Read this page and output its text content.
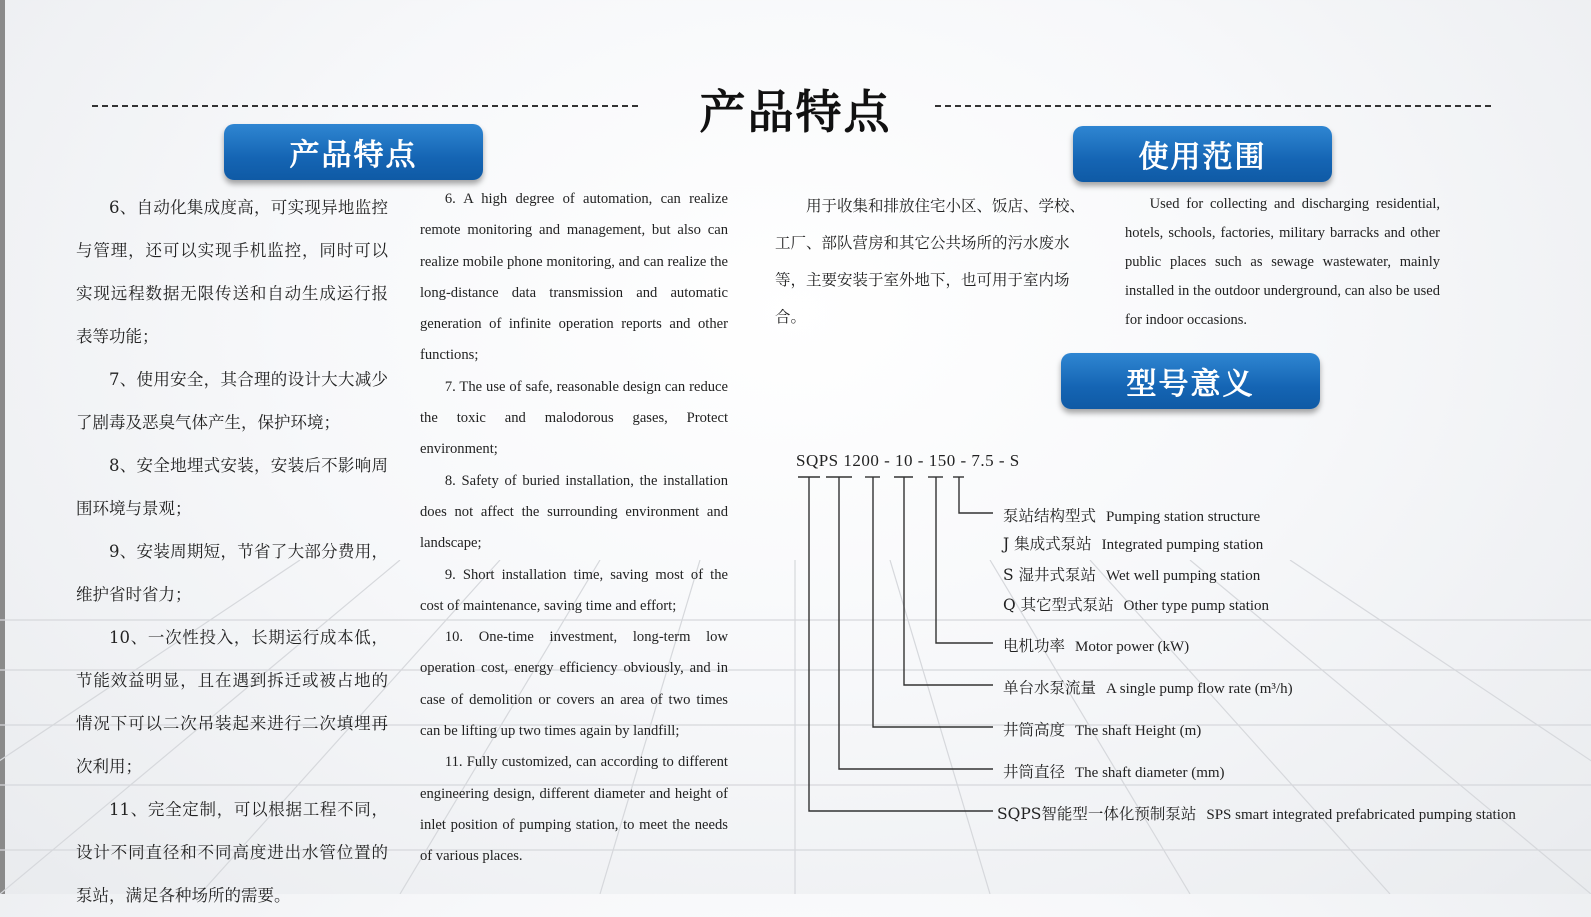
产品特点
产品特点	使用范围
型号意义

6、自动化集成度高，可实现异地监控与管理，还可以实现手机监控，同时可以实现远程数据无限传送和自动生成运行报表等功能；

7、使用安全，其合理的设计大大减少了剧毒及恶臭气体产生，保护环境；

8、安全地埋式安装，安装后不影响周围环境与景观；

9、安装周期短，节省了大部分费用，维护省时省力；

10、一次性投入，长期运行成本低，节能效益明显，且在遇到拆迁或被占地的情况下可以二次吊装起来进行二次填埋再次利用；

11、完全定制，可以根据工程不同，设计不同直径和不同高度进出水管位置的泵站，满足各种场所的需要。

6. A high degree of automation, can realize remote monitoring and management, but also can realize mobile phone monitoring, and can realize the long-distance data transmission and automatic generation of infinite operation reports and other functions;

7. The use of safe, reasonable design can reduce the toxic and malodorous gases, Protect environment;

8. Safety of buried installation, the installation does not affect the surrounding environment and landscape;

9. Short installation time, saving most of the cost of maintenance, saving time and effort;

10. One-time investment, long-term low operation cost, energy efficiency obviously, and in case of demolition or covers an area of two times can be lifting up two times again by landfill;

11. Fully customized, can according to different engineering design, different diameter and height of inlet position of pumping station, to meet the needs of various places.

用于收集和排放住宅小区、饭店、学校、工厂、部队营房和其它公共场所的污水废水等，主要安装于室外地下，也可用于室内场合。

Used for collecting and discharging residential, hotels, schools, factories, military barracks and other public places such as sewage wastewater, mainly installed in the outdoor underground, can also be used for indoor occasions.

SQPS 1200 - 10 - 150 - 7.5 - S
泵站结构型式 Pumping station structure
J 集成式泵站 Integrated pumping station
S 湿井式泵站 Wet well pumping station
Q 其它型式泵站 Other type pump station
电机功率 Motor power (kW)
单台水泵流量 A single pump flow rate (m³/h)
井筒高度 The shaft Height (m)
井筒直径 The shaft diameter (mm)
SQPS智能型一体化预制泵站 SPS smart integrated prefabricated pumping station
